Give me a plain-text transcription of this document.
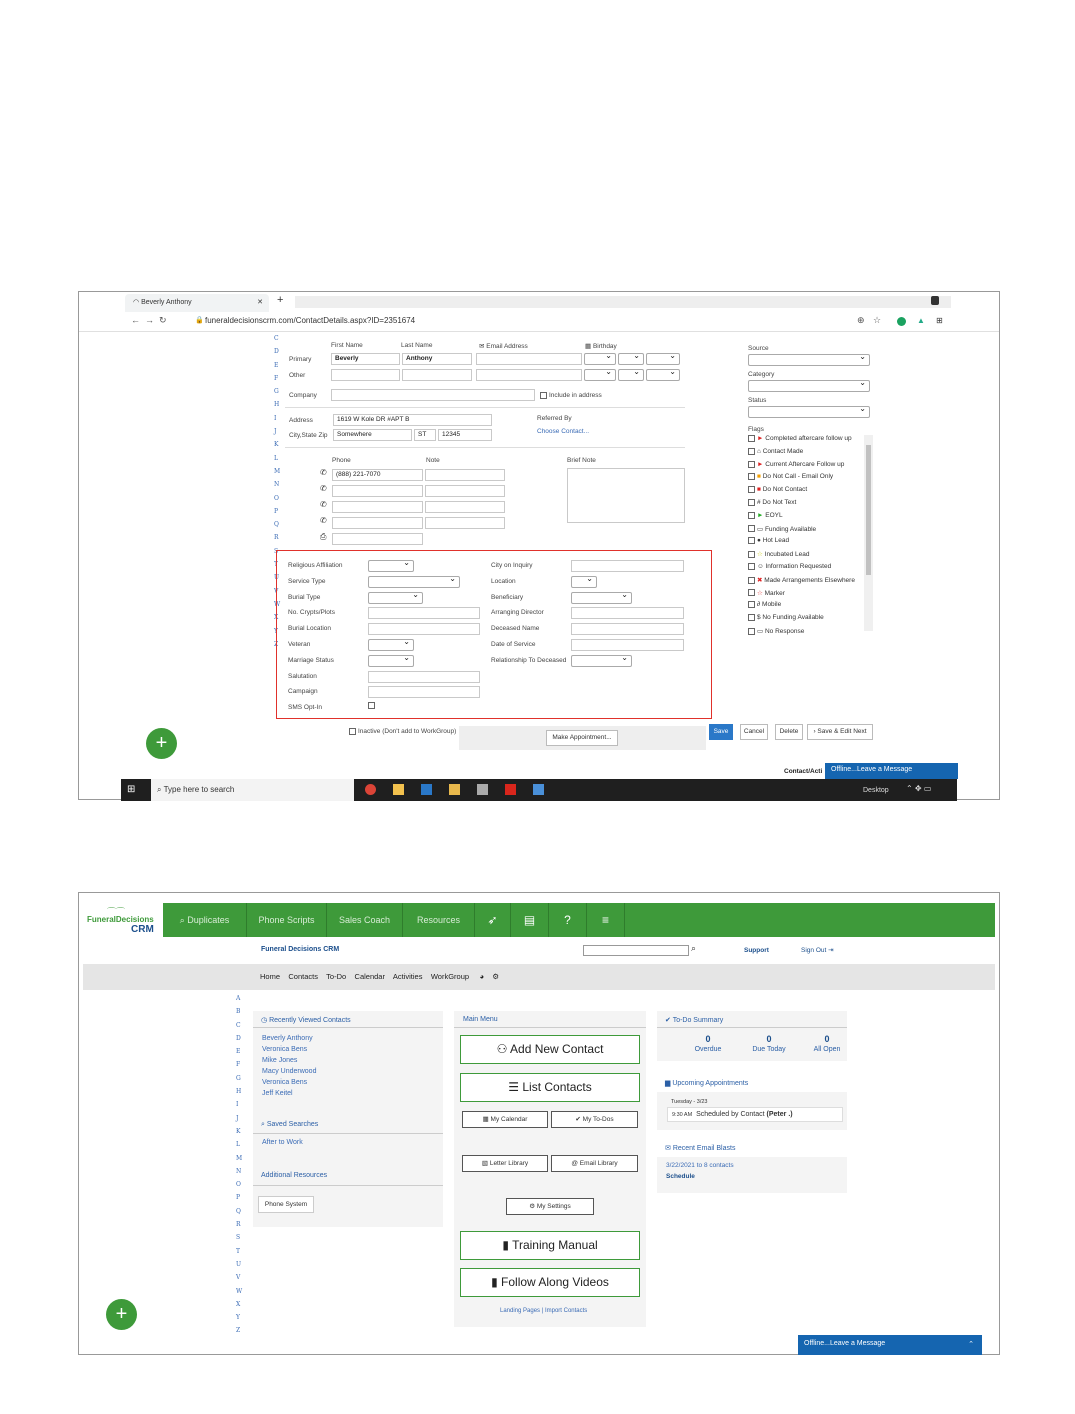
◠ Beverly Anthony	✕ +
←  →  ↻	🔒 funeraldecisionscrm.com/ContactDetails.aspx?ID=2351674	⊕ ☆	▲ ⊞
C
D
E
F
G
H
I
J
K
L
M
N
O
P
Q
R
S
T
U
V
W
X
Y
Z
First Name	Last Name	✉ Email Address	▦ Birthday
Primary	Beverly	Anthony
⌄
⌄
⌄
Other
⌄
⌄
⌄
Company	Include in address
Address	1619 W Kole DR #APT B
City,State Zip	Somewhere	ST	12345
Referred By
Choose Contact...
Phone	Note	Brief Note
✆	(888) 221-7070
✆
✆
✆
⎙
Source
⌄
Category
⌄
Status
⌄
Flags
► Completed aftercare follow up
⌂ Contact Made
► Current Aftercare Follow up
■ Do Not Call - Email Only
■ Do Not Contact
# Do Not Text
► EOYL
▭ Funding Available
● Hot Lead
☆ Incubated Lead
☺ Information Requested
✖ Made Arrangements Elsewhere
☆ Marker
∂ Mobile
$ No Funding Available
▭ No Response
+
Inactive (Don't add to WorkGroup)
Make Appointment...
Save	Cancel	Delete	› Save & Edit Next
Contact/Acti	Offline...Leave a Message
⊞	⌕ Type here to search	Desktop ⌃ ✥ ▭
Religious Affiliation
⌄
Service Type
⌄
Burial Type
⌄
No. Crypts/Plots
Burial Location
Veteran
⌄
Marriage Status
⌄
Salutation
Campaign
SMS Opt-In
City on Inquiry
Location
⌄
Beneficiary
⌄
Arranging Director
Deceased Name
Date of Service
Relationship To Deceased
⌄
⌒⌒
FuneralDecisions
CRM
⌕ Duplicates	Phone Scripts	Sales Coach	Resources	➶	▤	?	≡
Funeral Decisions CRM	⌕	Support	Sign Out ⇥
Home Contacts To-Do Calendar Activities WorkGroup ◕ ⚙
A
B
C
D
E
F
G
H
I
J
K
L
M
N
O
P
Q
R
S
T
U
V
W
X
Y
Z
◷ Recently Viewed Contacts
Beverly Anthony
Veronica Bens
Mike Jones
Macy Underwood
Veronica Bens
Jeff Keitel
⌕ Saved Searches
After to Work
Additional Resources
Phone System
Main Menu
⚇ Add New Contact
☰ List Contacts
▦ My Calendar	✔ My To-Dos
▧ Letter Library	@ Email Library
⚙ My Settings
▮ Training Manual
▮ Follow Along Videos
Landing Pages | Import Contacts
✔ To-Do Summary
▆ Upcoming Appointments
Tuesday - 3/23
9:30 AM Scheduled by Contact (Peter .)
✉ Recent Email Blasts
3/22/2021 to 8 contacts
Schedule
+
Offline...Leave a Message	⌃
0
Overdue
0
Due Today
0
All Open
